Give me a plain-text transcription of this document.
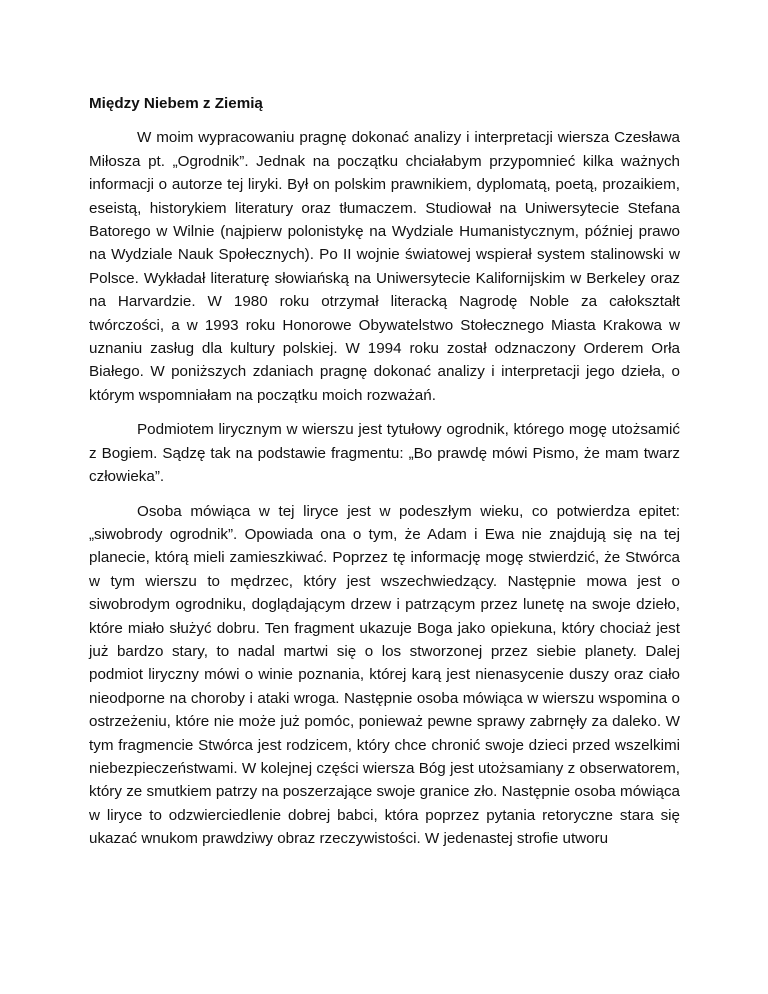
Między Niebem z Ziemią

W moim wypracowaniu pragnę dokonać analizy i interpretacji wiersza Czesława Miłosza pt. „Ogrodnik”. Jednak na początku chciałabym przypomnieć kilka ważnych informacji o autorze tej liryki. Był on polskim prawnikiem, dyplomatą, poetą, prozaikiem, eseistą, historykiem literatury oraz tłumaczem. Studiował na Uniwersytecie Stefana Batorego w Wilnie (najpierw polonistykę na Wydziale Humanistycznym, później prawo na Wydziale Nauk Społecznych). Po II wojnie światowej wspierał system stalinowski w Polsce. Wykładał literaturę słowiańską na Uniwersytecie Kalifornijskim w Berkeley oraz na Harvardzie. W 1980 roku otrzymał literacką Nagrodę Noble za całokształt twórczości, a w 1993 roku Honorowe Obywatelstwo Stołecznego Miasta Krakowa w uznaniu zasług dla kultury polskiej. W 1994 roku został odznaczony Orderem Orła Białego. W poniższych zdaniach pragnę dokonać analizy i interpretacji jego dzieła, o którym wspomniałam na początku moich rozważań.

Podmiotem lirycznym w wierszu jest tytułowy ogrodnik, którego mogę utożsamić z Bogiem. Sądzę tak na podstawie fragmentu: „Bo prawdę mówi Pismo, że mam twarz człowieka”.

Osoba mówiąca w tej liryce jest w podeszłym wieku, co potwierdza epitet: „siwobrody ogrodnik”. Opowiada ona o tym, że Adam i Ewa nie znajdują się na tej planecie, którą mieli zamieszkiwać. Poprzez tę informację mogę stwierdzić, że Stwórca w tym wierszu to mędrzec, który jest wszechwiedzący. Następnie mowa jest o siwobrodym ogrodniku, doglądającym drzew i patrzącym przez lunetę na swoje dzieło, które miało służyć dobru. Ten fragment ukazuje Boga jako opiekuna, który chociaż jest już bardzo stary, to nadal martwi się o los stworzonej przez siebie planety. Dalej podmiot liryczny mówi o winie poznania, której karą jest nienasycenie duszy oraz ciało nieodporne na choroby i ataki wroga. Następnie osoba mówiąca w wierszu wspomina o ostrzeżeniu, które nie może już pomóc, ponieważ pewne sprawy zabrnęły za daleko. W tym fragmencie Stwórca jest rodzicem, który chce chronić swoje dzieci przed wszelkimi niebezpieczeństwami. W kolejnej części wiersza Bóg jest utożsamiany z obserwatorem, który ze smutkiem patrzy na poszerzające swoje granice zło. Następnie osoba mówiąca w liryce to odzwierciedlenie dobrej babci, która poprzez pytania retoryczne stara się ukazać wnukom prawdziwy obraz rzeczywistości. W jedenastej strofie utworu
